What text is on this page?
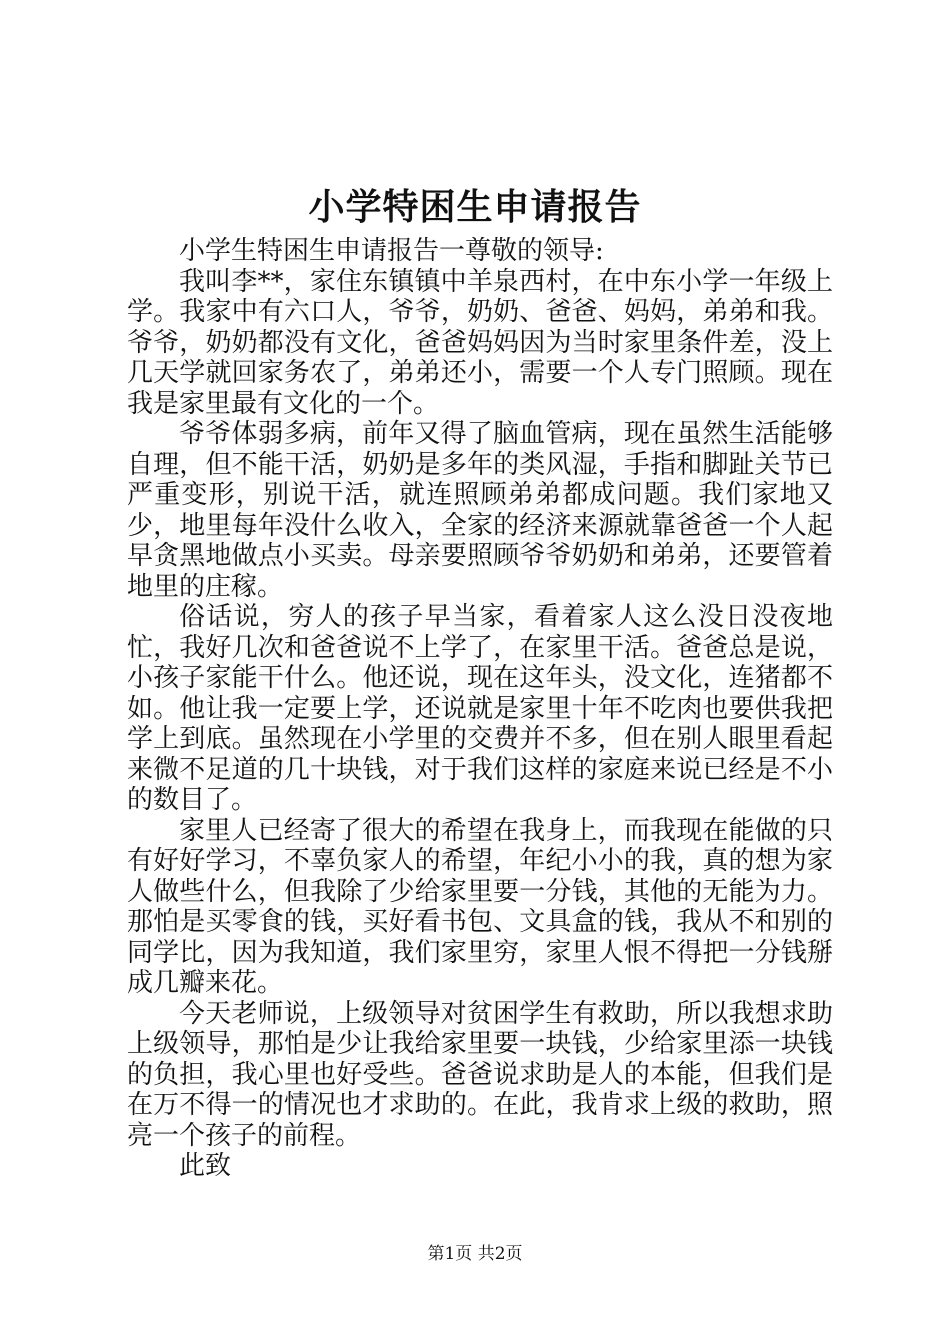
小学特困生申请报告

小学生特困生申请报告一尊敬的领导:

我叫李**，家住东镇镇中羊泉西村，在中东小学一年级上学。我家中有六口人，爷爷，奶奶、爸爸、妈妈，弟弟和我。爷爷，奶奶都没有文化，爸爸妈妈因为当时家里条件差，没上几天学就回家务农了，弟弟还小，需要一个人专门照顾。现在我是家里最有文化的一个。

爷爷体弱多病，前年又得了脑血管病，现在虽然生活能够自理，但不能干活，奶奶是多年的类风湿，手指和脚趾关节已严重变形，别说干活，就连照顾弟弟都成问题。我们家地又少，地里每年没什么收入，全家的经济来源就靠爸爸一个人起早贪黑地做点小买卖。母亲要照顾爷爷奶奶和弟弟，还要管着地里的庄稼。

俗话说，穷人的孩子早当家，看着家人这么没日没夜地忙，我好几次和爸爸说不上学了，在家里干活。爸爸总是说，小孩子家能干什么。他还说，现在这年头，没文化，连猪都不如。他让我一定要上学，还说就是家里十年不吃肉也要供我把学上到底。虽然现在小学里的交费并不多，但在别人眼里看起来微不足道的几十块钱，对于我们这样的家庭来说已经是不小的数目了。

家里人已经寄了很大的希望在我身上，而我现在能做的只有好好学习，不辜负家人的希望，年纪小小的我，真的想为家人做些什么，但我除了少给家里要一分钱，其他的无能为力。那怕是买零食的钱，买好看书包、文具盒的钱，我从不和别的同学比，因为我知道，我们家里穷，家里人恨不得把一分钱掰成几瓣来花。

今天老师说，上级领导对贫困学生有救助，所以我想求助上级领导，那怕是少让我给家里要一块钱，少给家里添一块钱的负担，我心里也好受些。爸爸说求助是人的本能，但我们是在万不得一的情况也才求助的。在此，我肯求上级的救助，照亮一个孩子的前程。

此致

第1页 共2页
